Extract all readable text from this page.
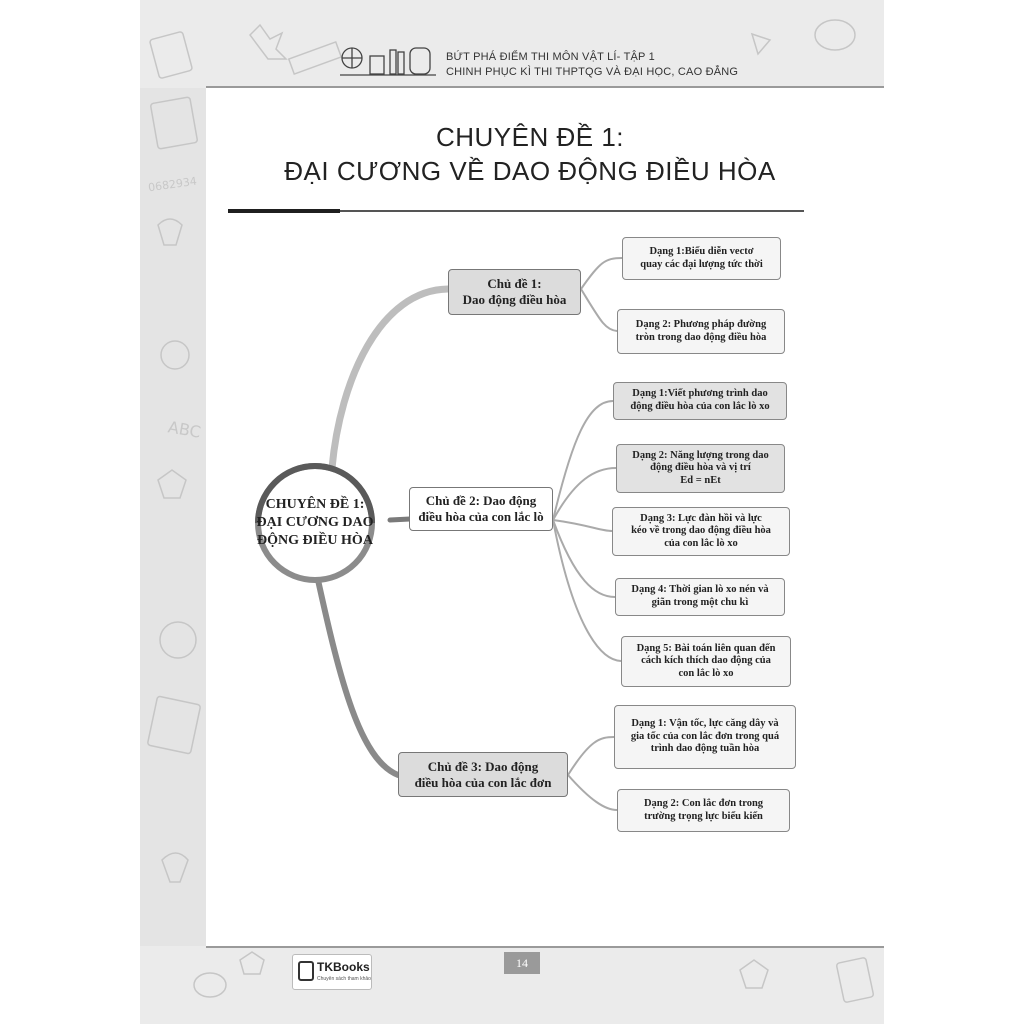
0682934
ABC
BỨT PHÁ ĐIỂM THI MÔN VẬT LÍ- TẬP 1
CHINH PHỤC KÌ THI THPTQG VÀ ĐẠI HỌC, CAO ĐẲNG
CHUYÊN ĐỀ 1:
ĐẠI CƯƠNG VỀ DAO ĐỘNG ĐIỀU HÒA
CHUYÊN ĐỀ 1:
ĐẠI CƯƠNG DAO
ĐỘNG ĐIỀU HÒA
Chủ đề 1:
Dao động điều hòa
Chủ đề 2: Dao động
điều hòa của con lắc lò
Chủ đề 3: Dao động
điều hòa của con lắc đơn
Dạng 1:Biểu diễn vectơ
quay các đại lượng tức thời
Dạng 2: Phương pháp đường
tròn trong dao động điều hòa
Dạng 1:Viết phương trình dao
động điều hòa của con lắc lò xo
Dạng 2: Năng lượng trong dao
động điều hòa và vị trí
Ed = nEt
Dạng 3: Lực đàn hồi và lực
kéo về trong dao động điều hòa
của con lắc lò xo
Dạng 4: Thời gian lò xo nén và
giãn trong một chu kì
Dạng 5: Bài toán liên quan đến
cách kích thích dao động của
con lắc lò xo
Dạng 1: Vận tốc, lực căng dây và
gia tốc của con lắc đơn trong quá
trình dao động tuần hòa
Dạng 2: Con lắc đơn trong
trường trọng lực biểu kiến
14
TKBooks
Chuyên sách tham khảo
